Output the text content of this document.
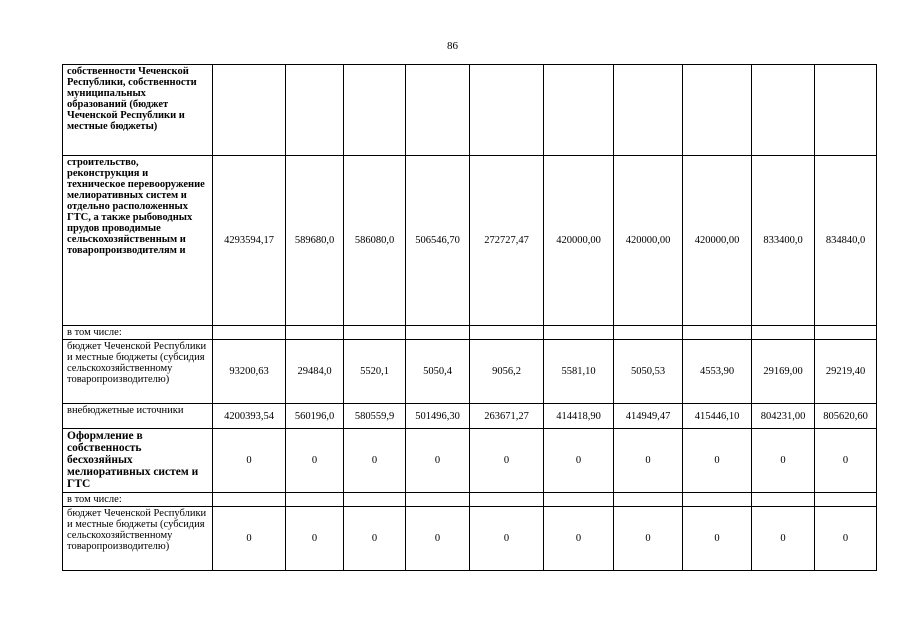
86
собственности Чеченской Республики, собственности муниципальных образований (бюджет Чеченской Республики и местные бюджеты)										
строительство, реконструкция и техническое перевооружение мелиоративных систем и отдельно расположенных ГТС, а также рыбоводных прудов проводимые сельскохозяйственным и товаропроизводителям и	4293594,17	589680,0	586080,0	506546,70	272727,47	420000,00	420000,00	420000,00	833400,0	834840,0
в том числе:										
бюджет Чеченской Республики и местные бюджеты (субсидия сельскохозяйственному товаропроизводителю)	93200,63	29484,0	5520,1	5050,4	9056,2	5581,10	5050,53	4553,90	29169,00	29219,40
внебюджетные источники	4200393,54	560196,0	580559,9	501496,30	263671,27	414418,90	414949,47	415446,10	804231,00	805620,60
Оформление в собственность бесхозяйных мелиоративных систем и ГТС	0	0	0	0	0	0	0	0	0	0
в том числе:										
бюджет Чеченской Республики и местные бюджеты (субсидия сельскохозяйственному товаропроизводителю)	0	0	0	0	0	0	0	0	0	0
